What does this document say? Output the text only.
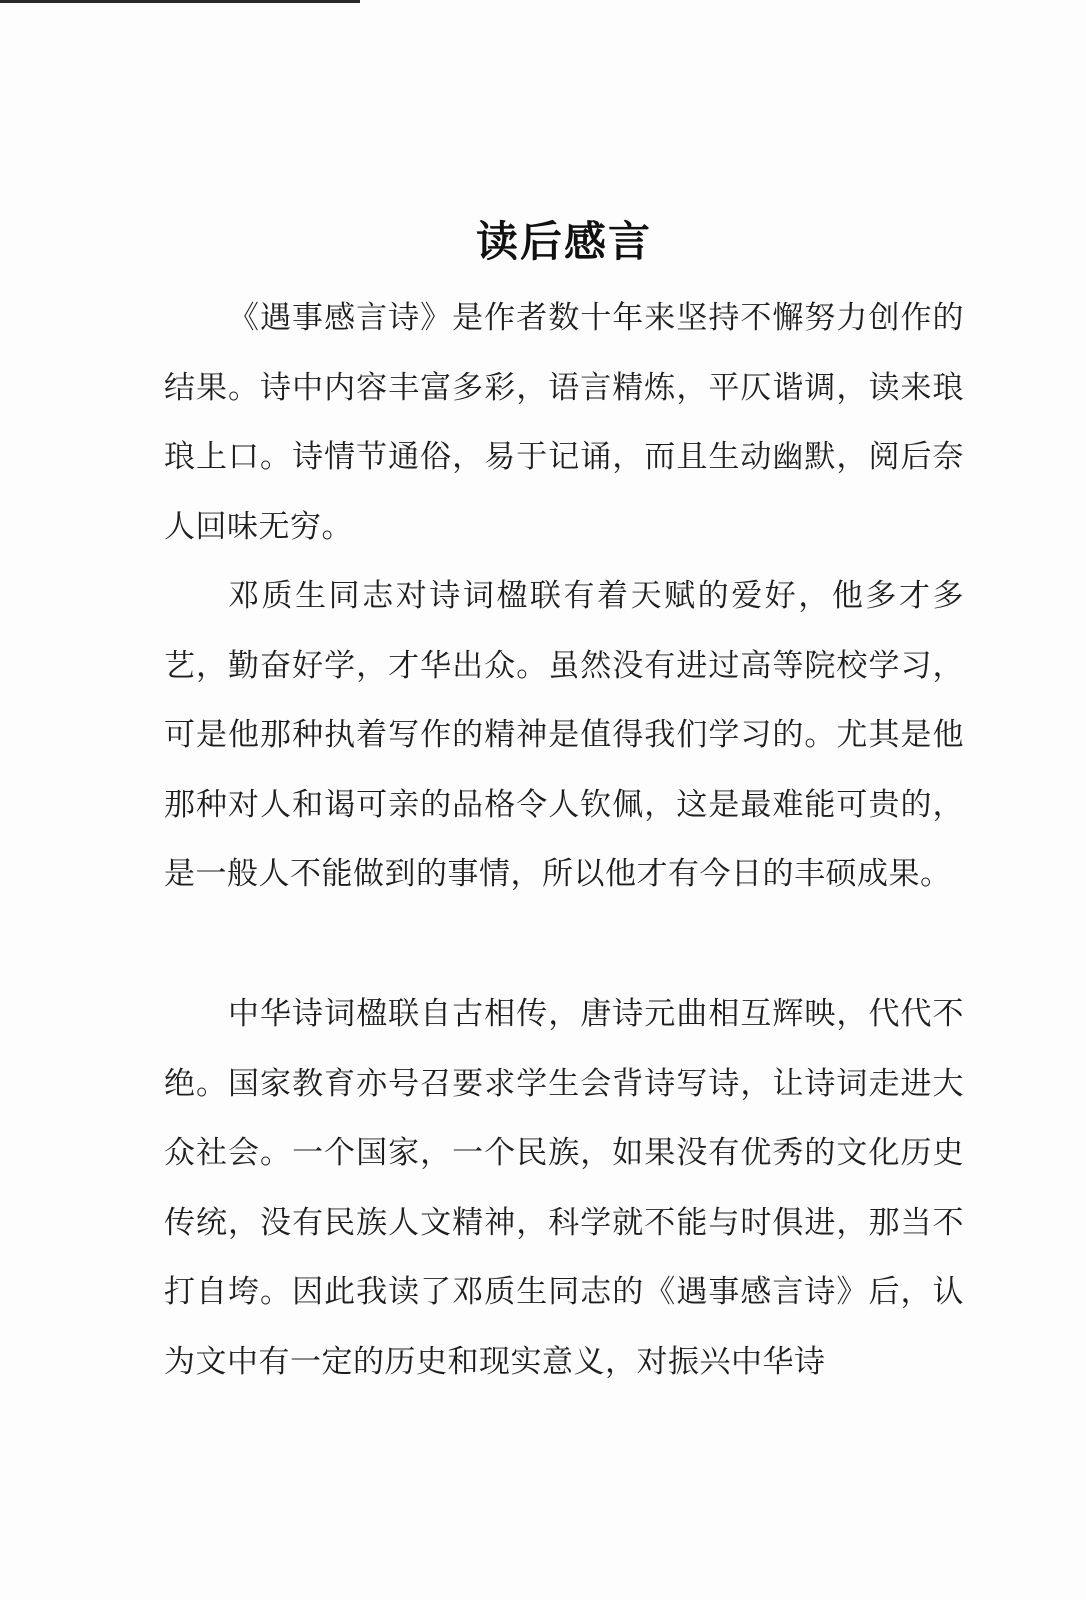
读后感言

《遇事感言诗》是作者数十年来坚持不懈努力创作的结果。诗中内容丰富多彩，语言精炼，平仄谐调，读来琅琅上口。诗情节通俗，易于记诵，而且生动幽默，阅后奈人回味无穷。

邓质生同志对诗词楹联有着天赋的爱好，他多才多艺，勤奋好学，才华出众。虽然没有进过高等院校学习，可是他那种执着写作的精神是值得我们学习的。尤其是他那种对人和谒可亲的品格令人钦佩，这是最难能可贵的，是一般人不能做到的事情，所以他才有今日的丰硕成果。

中华诗词楹联自古相传，唐诗元曲相互辉映，代代不绝。国家教育亦号召要求学生会背诗写诗，让诗词走进大众社会。一个国家，一个民族，如果没有优秀的文化历史传统，没有民族人文精神，科学就不能与时俱进，那当不打自垮。因此我读了邓质生同志的《遇事感言诗》后，认为文中有一定的历史和现实意义，对振兴中华诗
